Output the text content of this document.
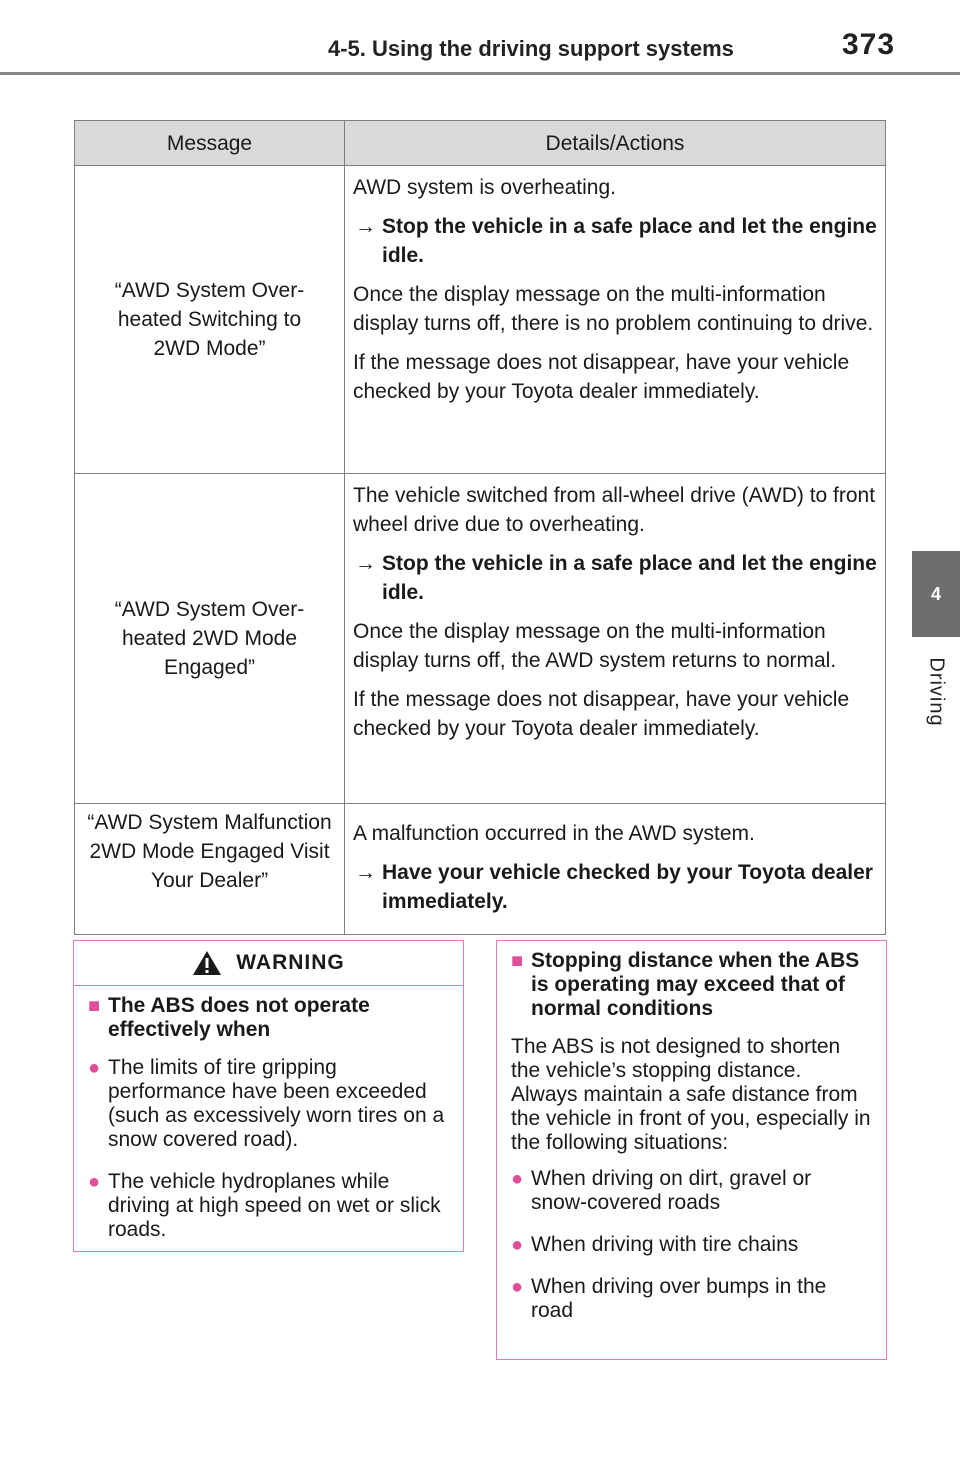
4-5. Using the driving support systems	373
4
Driving
Message	Details/Actions

“AWD System Over-heated Switching to 2WD Mode”	AWD system is overheating.
→ Stop the vehicle in a safe place and let the engine idle.
Once the display message on the multi-information display turns off, there is no problem continuing to drive.
If the message does not disappear, have your vehicle checked by your Toyota dealer immediately.

“AWD System Over-heated 2WD Mode Engaged”	The vehicle switched from all-wheel drive (AWD) to front wheel drive due to overheating.
→ Stop the vehicle in a safe place and let the engine idle.
Once the display message on the multi-information display turns off, the AWD system returns to normal.
If the message does not disappear, have your vehicle checked by your Toyota dealer immediately.

“AWD System Malfunction 2WD Mode Engaged Visit Your Dealer”	A malfunction occurred in the AWD system.
→ Have your vehicle checked by your Toyota dealer immediately.
WARNING
■ The ABS does not operate effectively when
● The limits of tire gripping performance have been exceeded (such as excessively worn tires on a snow covered road).
● The vehicle hydroplanes while driving at high speed on wet or slick roads.
■ Stopping distance when the ABS is operating may exceed that of normal conditions
The ABS is not designed to shorten the vehicle’s stopping distance. Always maintain a safe distance from the vehicle in front of you, especially in the following situations:
● When driving on dirt, gravel or snow-covered roads
● When driving with tire chains
● When driving over bumps in the road
